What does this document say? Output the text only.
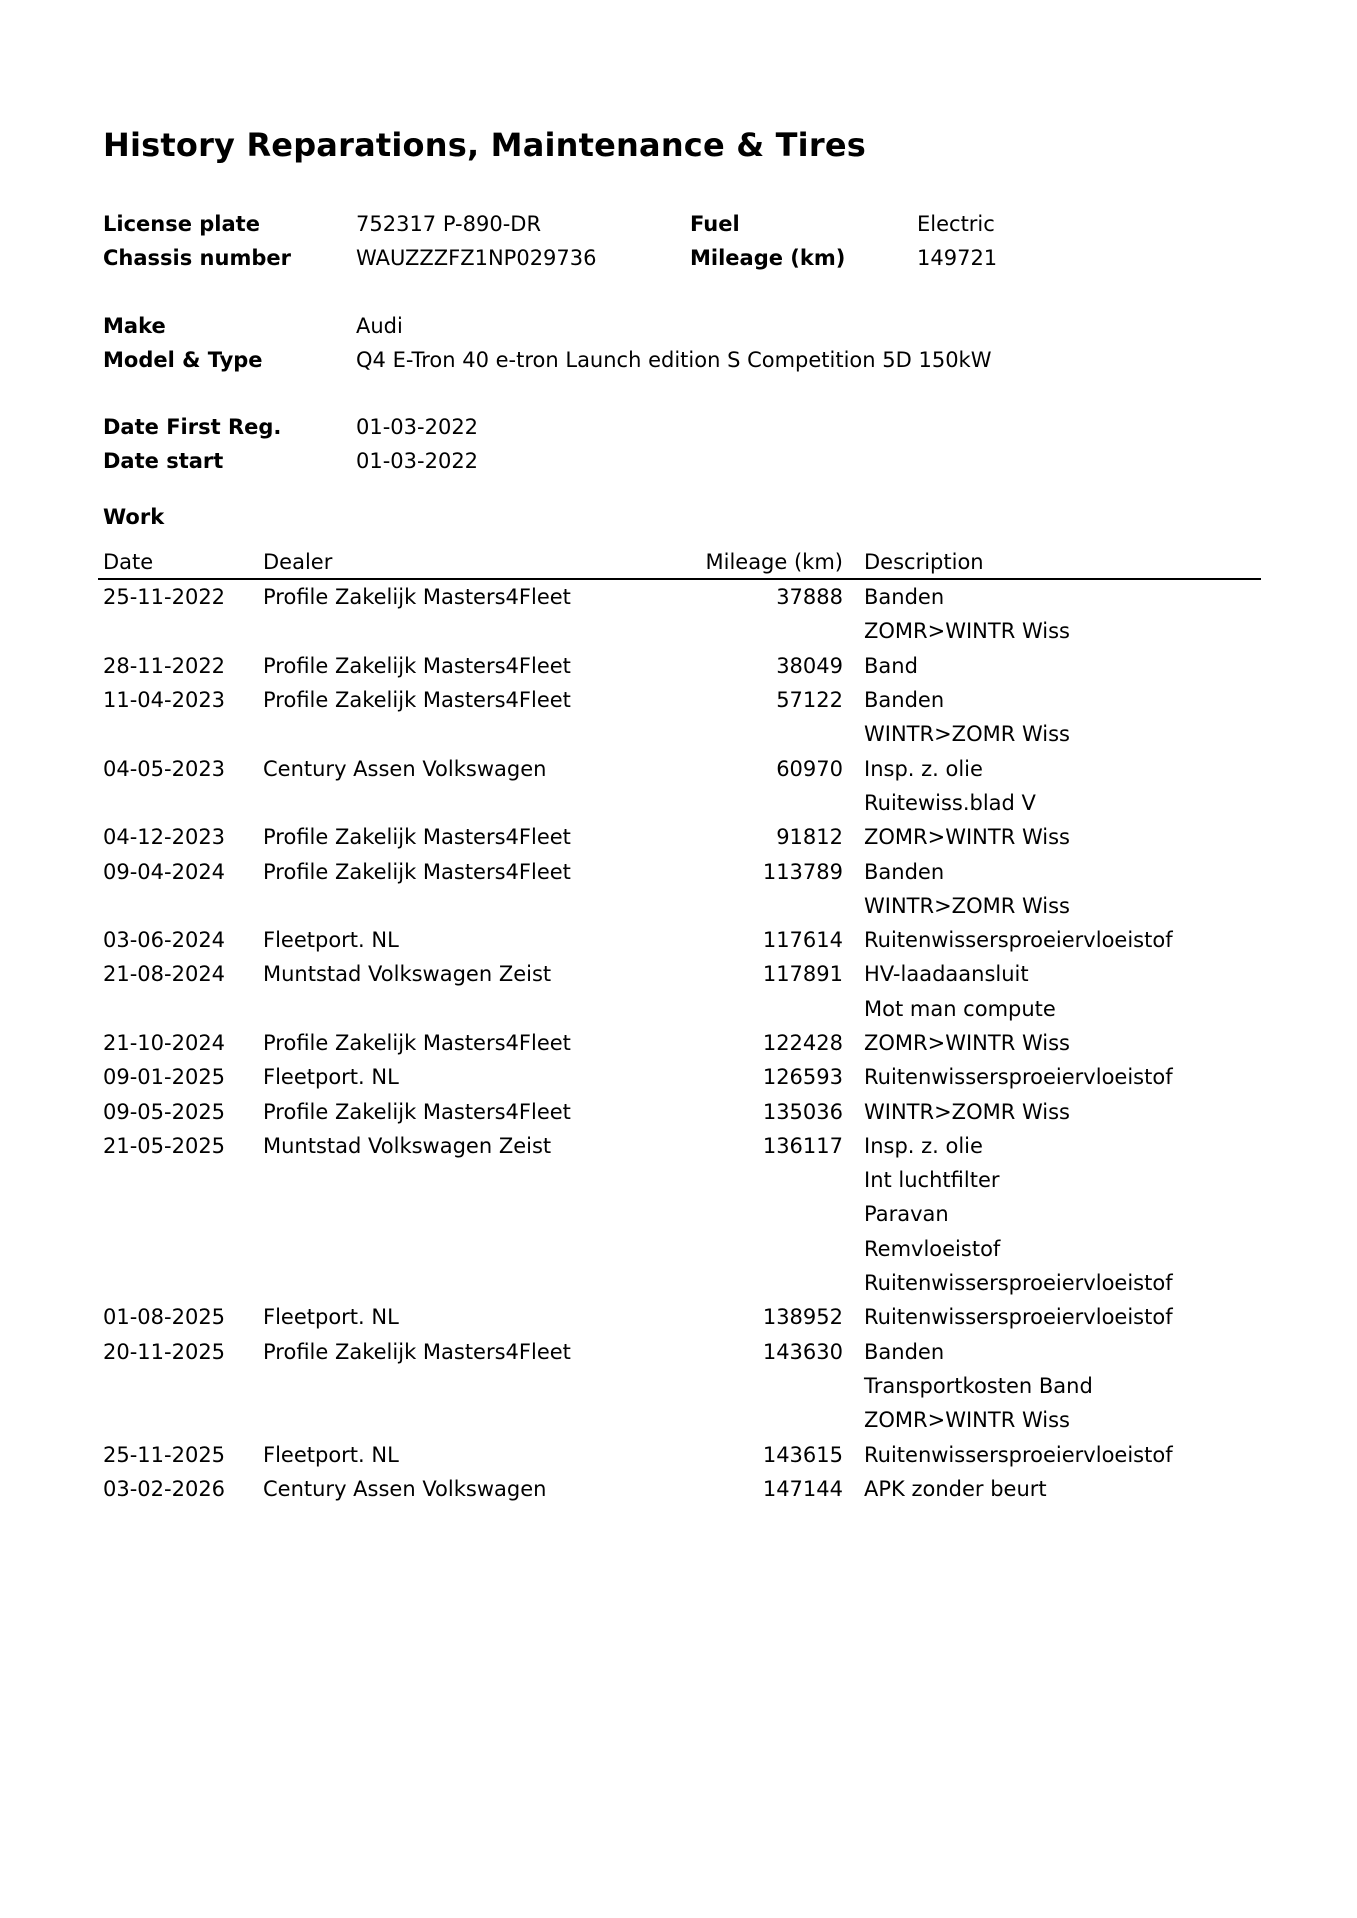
History Reparations, Maintenance & Tires
License plate	752317 P-890-DR	Fuel	Electric
Chassis number	WAUZZZFZ1NP029736	Mileage (km)	149721
Make	Audi
Model & Type	Q4 E-Tron 40 e-tron Launch edition S Competition 5D 150kW
Date First Reg.	01-03-2022
Date start	01-03-2022
Work
Date	Dealer	Mileage (km)	Description
25-11-2022	Profile Zakelijk Masters4Fleet	37888	Banden
			ZOMR>WINTR Wiss
28-11-2022	Profile Zakelijk Masters4Fleet	38049	Band
11-04-2023	Profile Zakelijk Masters4Fleet	57122	Banden
			WINTR>ZOMR Wiss
04-05-2023	Century Assen Volkswagen	60970	Insp. z. olie
			Ruitewiss.blad V
04-12-2023	Profile Zakelijk Masters4Fleet	91812	ZOMR>WINTR Wiss
09-04-2024	Profile Zakelijk Masters4Fleet	113789	Banden
			WINTR>ZOMR Wiss
03-06-2024	Fleetport. NL	117614	Ruitenwissersproeiervloeistof
21-08-2024	Muntstad Volkswagen Zeist	117891	HV-laadaansluit
			Mot man compute
21-10-2024	Profile Zakelijk Masters4Fleet	122428	ZOMR>WINTR Wiss
09-01-2025	Fleetport. NL	126593	Ruitenwissersproeiervloeistof
09-05-2025	Profile Zakelijk Masters4Fleet	135036	WINTR>ZOMR Wiss
21-05-2025	Muntstad Volkswagen Zeist	136117	Insp. z. olie
			Int luchtfilter
			Paravan
			Remvloeistof
			Ruitenwissersproeiervloeistof
01-08-2025	Fleetport. NL	138952	Ruitenwissersproeiervloeistof
20-11-2025	Profile Zakelijk Masters4Fleet	143630	Banden
			Transportkosten Band
			ZOMR>WINTR Wiss
25-11-2025	Fleetport. NL	143615	Ruitenwissersproeiervloeistof
03-02-2026	Century Assen Volkswagen	147144	APK zonder beurt
